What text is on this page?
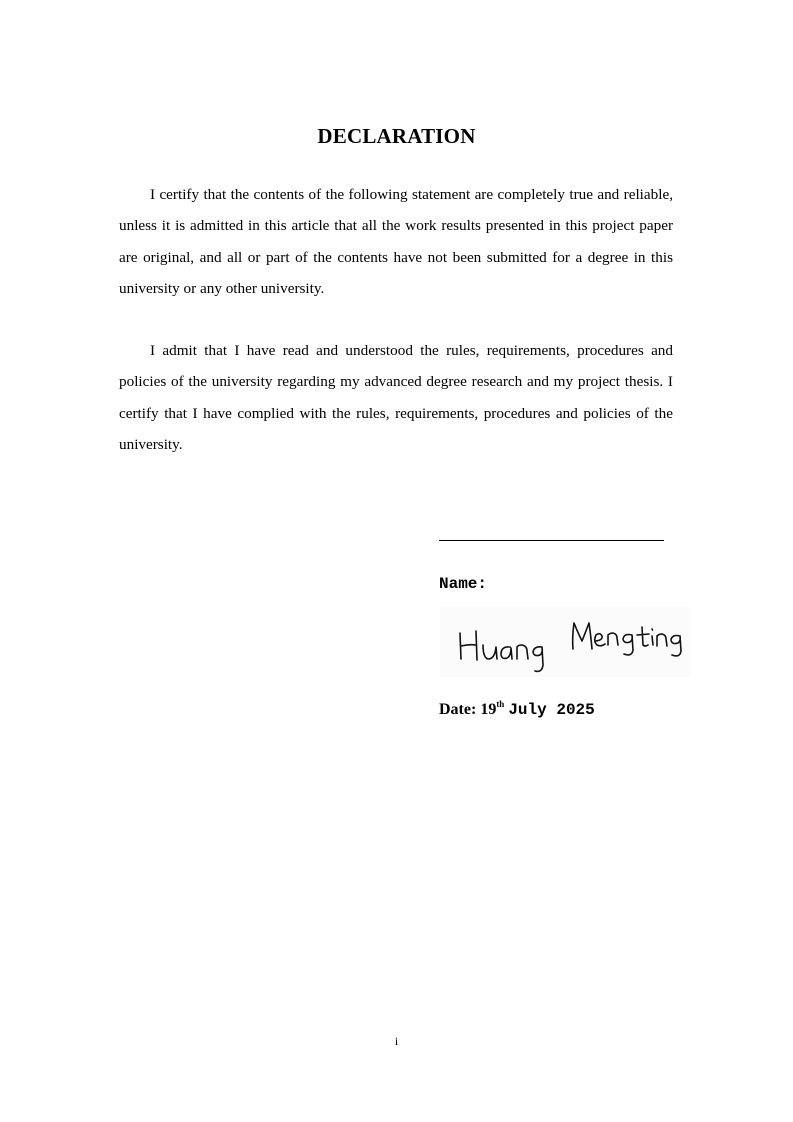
DECLARATION

I certify that the contents of the following statement are completely true and reliable, unless it is admitted in this article that all the work results presented in this project paper are original, and all or part of the contents have not been submitted for a degree in this university or any other university.

I admit that I have read and understood the rules, requirements, procedures and policies of the university regarding my advanced degree research and my project thesis. I certify that I have complied with the rules, requirements, procedures and policies of the university.

Name:
Date: 19th July 2025
i
